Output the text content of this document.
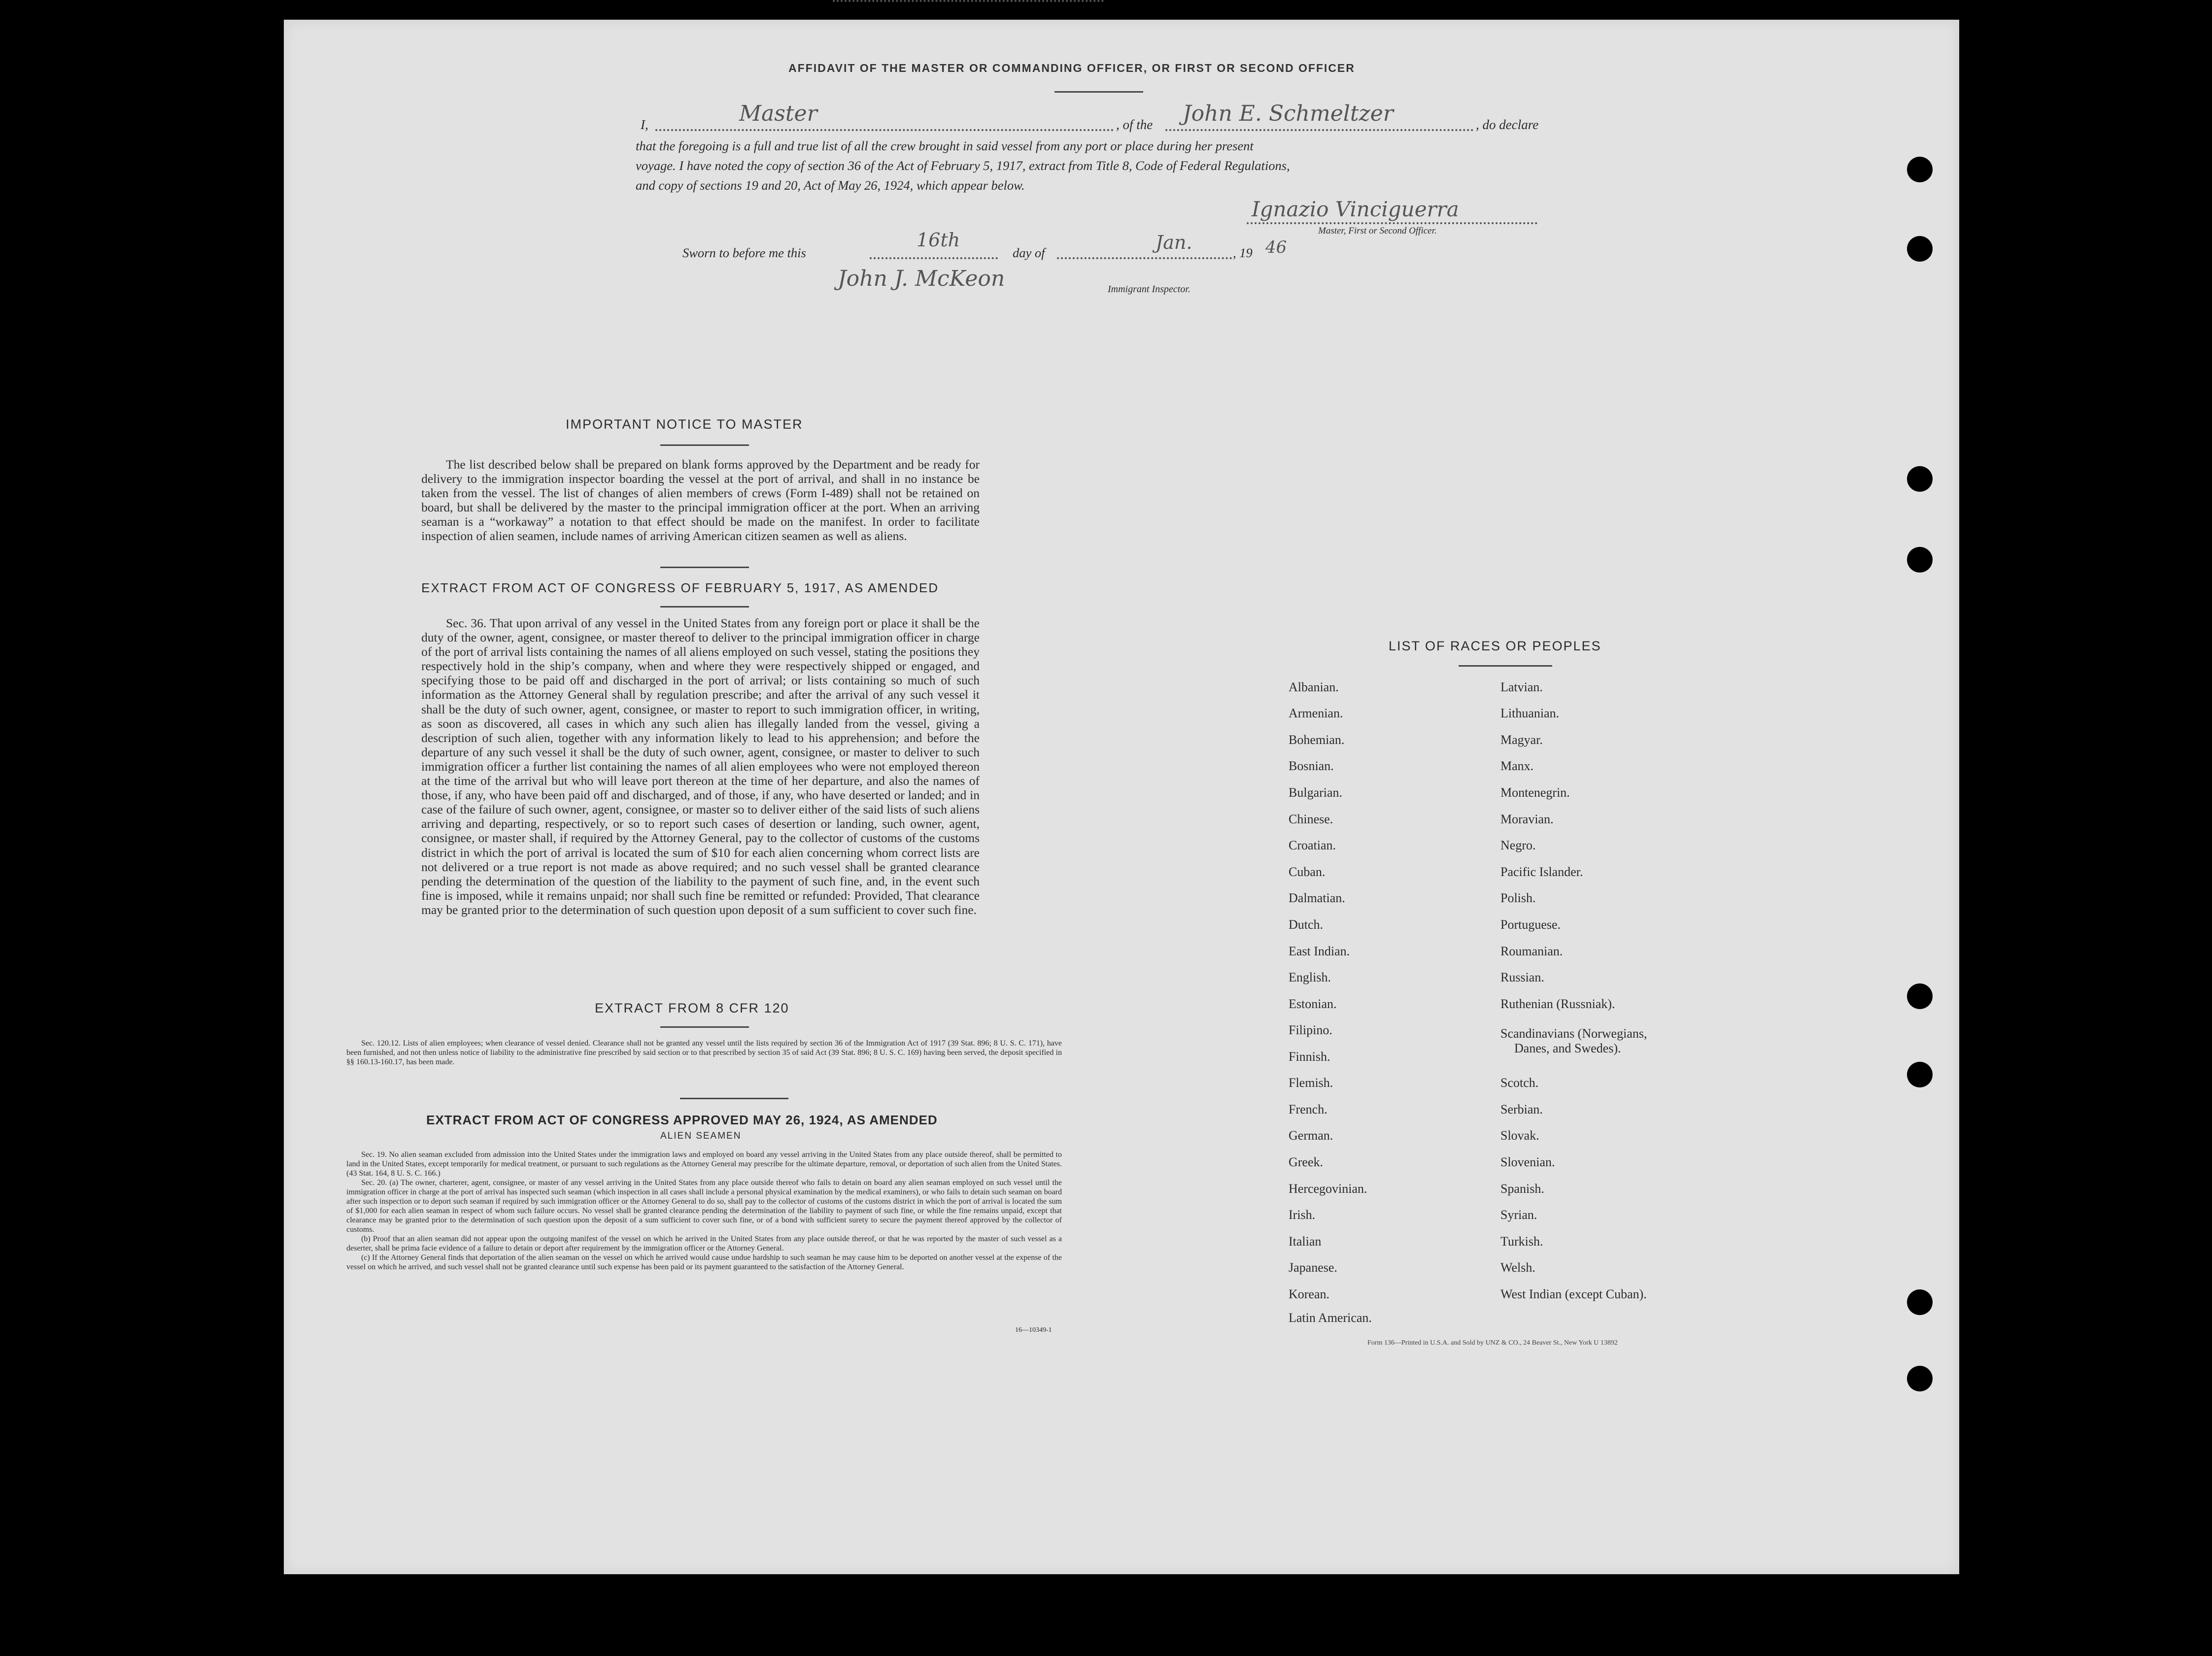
AFFIDAVIT OF THE MASTER OR COMMANDING OFFICER, OR FIRST OR SECOND OFFICER
I,	Master	, of the John E. Schmeltzer	, do declare
that the foregoing is a full and true list of all the crew brought in said vessel from any port or place during her present
voyage. I have noted the copy of section 36 of the Act of February 5, 1917, extract from Title 8, Code of Federal Regulations,
and copy of sections 19 and 20, Act of May 26, 1924, which appear below.
Ignazio Vinciguerra
Master, First or Second Officer.
Sworn to before me this
16th
day of	Jan.	, 19 46
John J. McKeon	Immigrant Inspector.
IMPORTANT NOTICE TO MASTER

The list described below shall be prepared on blank forms approved by the Department and be ready for delivery to the immigration inspector boarding the vessel at the port of arrival, and shall in no instance be taken from the vessel. The list of changes of alien members of crews (Form I-489) shall not be retained on board, but shall be delivered by the master to the principal immigration officer at the port. When an arriving seaman is a “workaway” a notation to that effect should be made on the manifest. In order to facilitate inspection of alien seamen, include names of arriving American citizen seamen as well as aliens.

EXTRACT FROM ACT OF CONGRESS OF FEBRUARY 5, 1917, AS AMENDED

Sec. 36. That upon arrival of any vessel in the United States from any foreign port or place it shall be the duty of the owner, agent, consignee, or master thereof to deliver to the principal immigration officer in charge of the port of arrival lists containing the names of all aliens employed on such vessel, stating the positions they respectively hold in the ship’s company, when and where they were respectively shipped or engaged, and specifying those to be paid off and discharged in the port of arrival; or lists containing so much of such information as the Attorney General shall by regulation prescribe; and after the arrival of any such vessel it shall be the duty of such owner, agent, consignee, or master to report to such immigration officer, in writing, as soon as discovered, all cases in which any such alien has illegally landed from the vessel, giving a description of such alien, together with any information likely to lead to his apprehension; and before the departure of any such vessel it shall be the duty of such owner, agent, consignee, or master to deliver to such immigration officer a further list containing the names of all alien employees who were not employed thereon at the time of the arrival but who will leave port thereon at the time of her departure, and also the names of those, if any, who have been paid off and discharged, and of those, if any, who have deserted or landed; and in case of the failure of such owner, agent, consignee, or master so to deliver either of the said lists of such aliens arriving and departing, respectively, or so to report such cases of desertion or landing, such owner, agent, consignee, or master shall, if required by the Attorney General, pay to the collector of customs of the customs district in which the port of arrival is located the sum of $10 for each alien concerning whom correct lists are not delivered or a true report is not made as above required; and no such vessel shall be granted clearance pending the determination of the question of the liability to the payment of such fine, and, in the event such fine is imposed, while it remains unpaid; nor shall such fine be remitted or refunded: Provided, That clearance may be granted prior to the determination of such question upon deposit of a sum sufficient to cover such fine.

EXTRACT FROM 8 CFR 120

Sec. 120.12. Lists of alien employees; when clearance of vessel denied. Clearance shall not be granted any vessel until the lists required by section 36 of the Immigration Act of 1917 (39 Stat. 896; 8 U. S. C. 171), have been furnished, and not then unless notice of liability to the administrative fine prescribed by said section or to that prescribed by section 35 of said Act (39 Stat. 896; 8 U. S. C. 169) having been served, the deposit specified in §§ 160.13-160.17, has been made.

EXTRACT FROM ACT OF CONGRESS APPROVED MAY 26, 1924, AS AMENDED
ALIEN SEAMEN

Sec. 19. No alien seaman excluded from admission into the United States under the immigration laws and employed on board any vessel arriving in the United States from any place outside thereof, shall be permitted to land in the United States, except temporarily for medical treatment, or pursuant to such regulations as the Attorney General may prescribe for the ultimate departure, removal, or deportation of such alien from the United States. (43 Stat. 164, 8 U. S. C. 166.)

Sec. 20. (a) The owner, charterer, agent, consignee, or master of any vessel arriving in the United States from any place outside thereof who fails to detain on board any alien seaman employed on such vessel until the immigration officer in charge at the port of arrival has inspected such seaman (which inspection in all cases shall include a personal physical examination by the medical examiners), or who fails to detain such seaman on board after such inspection or to deport such seaman if required by such immigration officer or the Attorney General to do so, shall pay to the collector of customs of the customs district in which the port of arrival is located the sum of $1,000 for each alien seaman in respect of whom such failure occurs. No vessel shall be granted clearance pending the determination of the liability to payment of such fine, or while the fine remains unpaid, except that clearance may be granted prior to the determination of such question upon the deposit of a sum sufficient to cover such fine, or of a bond with sufficient surety to secure the payment thereof approved by the collector of customs.

(b) Proof that an alien seaman did not appear upon the outgoing manifest of the vessel on which he arrived in the United States from any place outside thereof, or that he was reported by the master of such vessel as a deserter, shall be prima facie evidence of a failure to detain or deport after requirement by the immigration officer or the Attorney General.

(c) If the Attorney General finds that deportation of the alien seaman on the vessel on which he arrived would cause undue hardship to such seaman he may cause him to be deported on another vessel at the expense of the vessel on which he arrived, and such vessel shall not be granted clearance until such expense has been paid or its payment guaranteed to the satisfaction of the Attorney General.

16—10349-1
LIST OF RACES OR PEOPLES
Albanian.
Armenian.
Bohemian.
Bosnian.
Bulgarian.
Chinese.
Croatian.
Cuban.
Dalmatian.
Dutch.
East Indian.
English.
Estonian.
Filipino.
Finnish.
Flemish.
French.
German.
Greek.
Hercegovinian.
Irish.
Italian
Japanese.
Korean.
Latin American.
Latvian.
Lithuanian.
Magyar.
Manx.
Montenegrin.
Moravian.
Negro.
Pacific Islander.
Polish.
Portuguese.
Roumanian.
Russian.
Ruthenian (Russniak).
Scandinavians (Norwegians,
Danes, and Swedes).
Scotch.
Serbian.
Slovak.
Slovenian.
Spanish.
Syrian.
Turkish.
Welsh.
West Indian (except Cuban).
Form 136—Printed in U.S.A. and Sold by UNZ & CO., 24 Beaver St., New York U 13892
